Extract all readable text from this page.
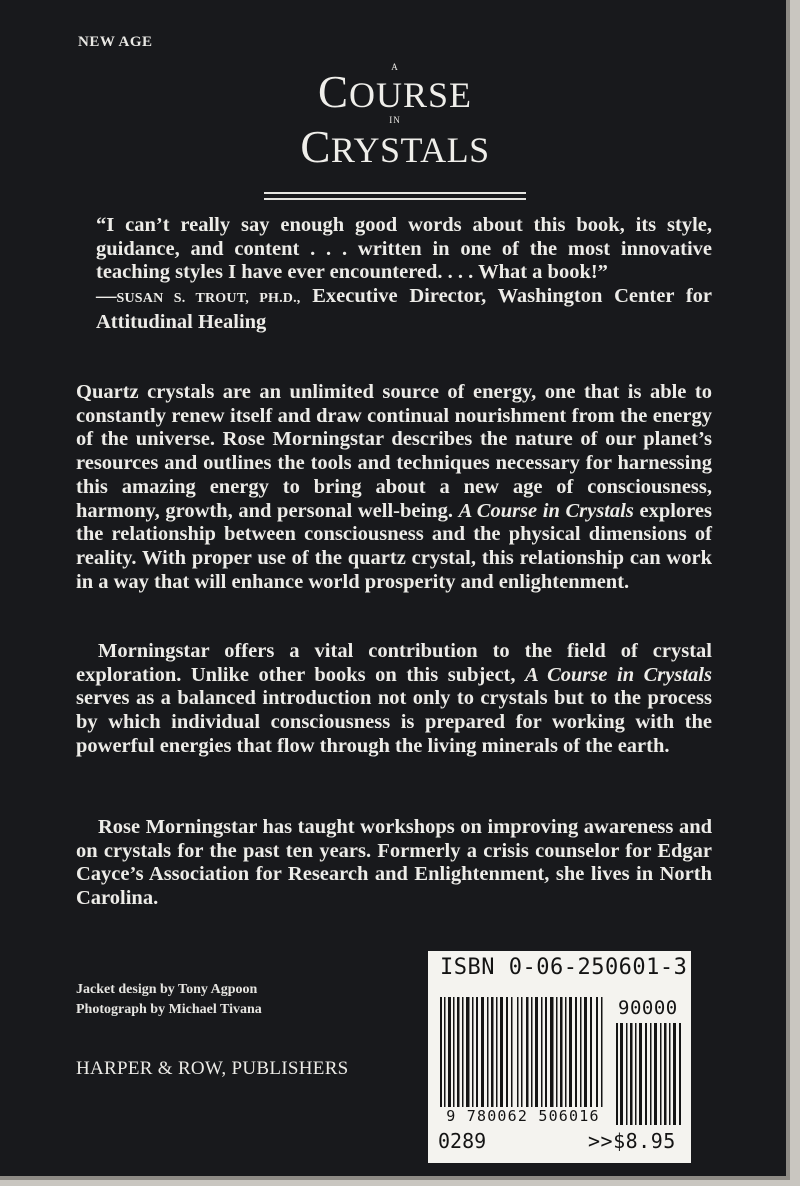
NEW AGE
A
COURSE
IN
CRYSTALS

“I can’t really say enough good words about this book, its style, guidance, and content . . . written in one of the most innovative teaching styles I have ever encountered. . . . What a book!”
—SUSAN S. TROUT, PH.D., Executive Director, Washington Center for Attitudinal Healing

Quartz crystals are an unlimited source of energy, one that is able to constantly renew itself and draw continual nourishment from the energy of the universe. Rose Morningstar describes the nature of our planet’s resources and outlines the tools and techniques necessary for harnessing this amazing energy to bring about a new age of consciousness, harmony, growth, and personal well-being. A Course in Crystals explores the relationship between consciousness and the physical dimensions of reality. With proper use of the quartz crystal, this relationship can work in a way that will enhance world prosperity and enlightenment.

Morningstar offers a vital contribution to the field of crystal exploration. Unlike other books on this subject, A Course in Crystals serves as a balanced introduction not only to crystals but to the process by which individual consciousness is prepared for working with the powerful energies that flow through the living minerals of the earth.

Rose Morningstar has taught workshops on improving awareness and on crystals for the past ten years. Formerly a crisis counselor for Edgar Cayce’s Association for Research and Enlightenment, she lives in North Carolina.

Jacket design by Tony Agpoon
Photograph by Michael Tivana
HARPER & ROW, PUBLISHERS
ISBN 0-06-250601-3
90000
9 780062 506016
0289	>>$8.95
